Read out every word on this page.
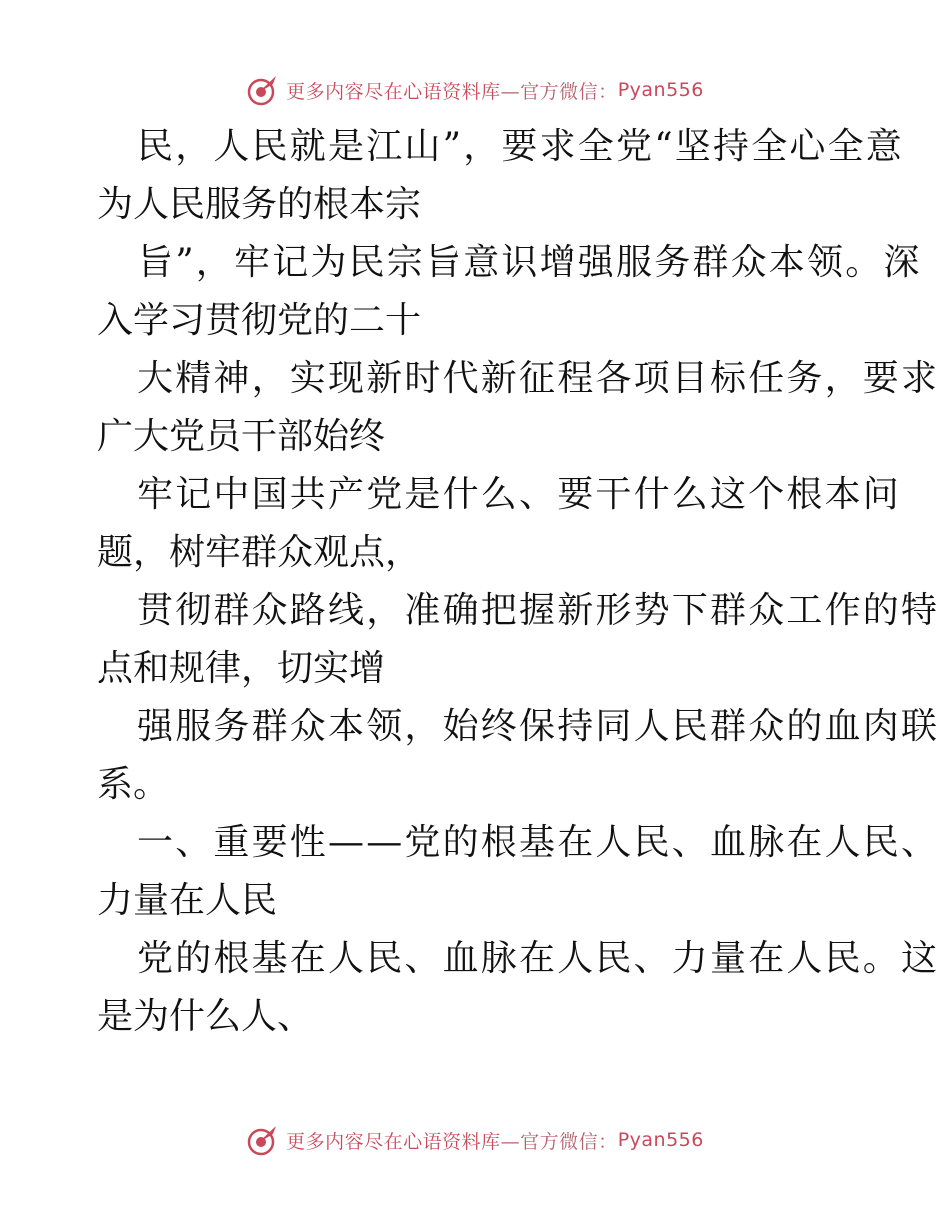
更多内容尽在心语资料库 —官方微信： Pyan556

民，人民就是江山”，要求全党“坚持全心全意
为人民服务的根本宗

旨”，牢记为民宗旨意识增强服务群众本领。深
入学习贯彻党的二十

大精神，实现新时代新征程各项目标任务，要求
广大党员干部始终

牢记中国共产党是什么、要干什么这个根本问
题，树牢群众观点，

贯彻群众路线，准确把握新形势下群众工作的特
点和规律，切实增

强服务群众本领，始终保持同人民群众的血肉联
系。

一、重要性——党的根基在人民、血脉在人民、
力量在人民

党的根基在人民、血脉在人民、力量在人民。这
是为什么人、

更多内容尽在心语资料库 —官方微信： Pyan556
